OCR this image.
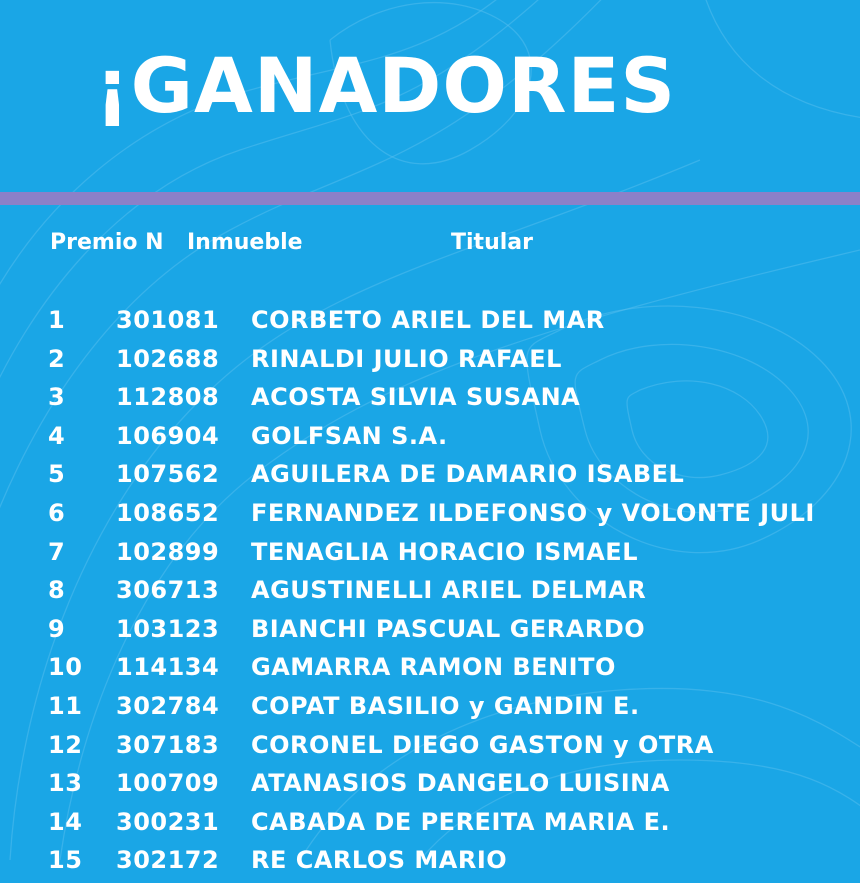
¡GANADORES
Premio N Inmueble	Titular
1 301081 CORBETO ARIEL DEL MAR
2 102688 RINALDI JULIO RAFAEL
3 112808 ACOSTA SILVIA SUSANA
4 106904 GOLFSAN S.A.
5 107562 AGUILERA DE DAMARIO ISABEL
6 108652 FERNANDEZ ILDEFONSO y VOLONTE JULI
7 102899 TENAGLIA HORACIO ISMAEL
8 306713 AGUSTINELLI ARIEL DELMAR
9 103123 BIANCHI PASCUAL GERARDO
10 114134 GAMARRA RAMON BENITO
11 302784 COPAT BASILIO y GANDIN E.
12 307183 CORONEL DIEGO GASTON y OTRA
13 100709 ATANASIOS DANGELO LUISINA
14 300231 CABADA DE PEREITA MARIA E.
15 302172 RE CARLOS MARIO
